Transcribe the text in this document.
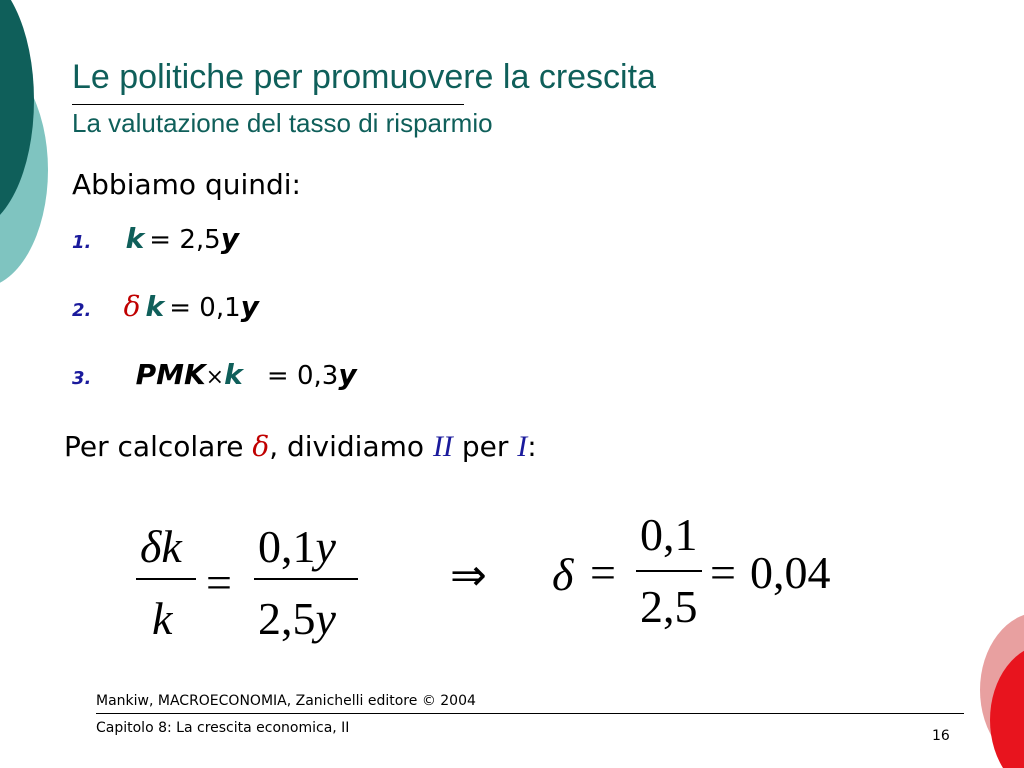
Le politiche per promuovere la crescita
La valutazione del tasso di risparmio
Abbiamo quindi:
1. k = 2,5y
2. δ k = 0,1y
3. PMK×k = 0,3y
Per calcolare δ, dividiamo II per I:
δk
k
=
0,1y
2,5y
⇒ δ =
0,1
2,5
= 0,04
Mankiw, MACROECONOMIA, Zanichelli editore © 2004
Capitolo 8: La crescita economica, II	16
